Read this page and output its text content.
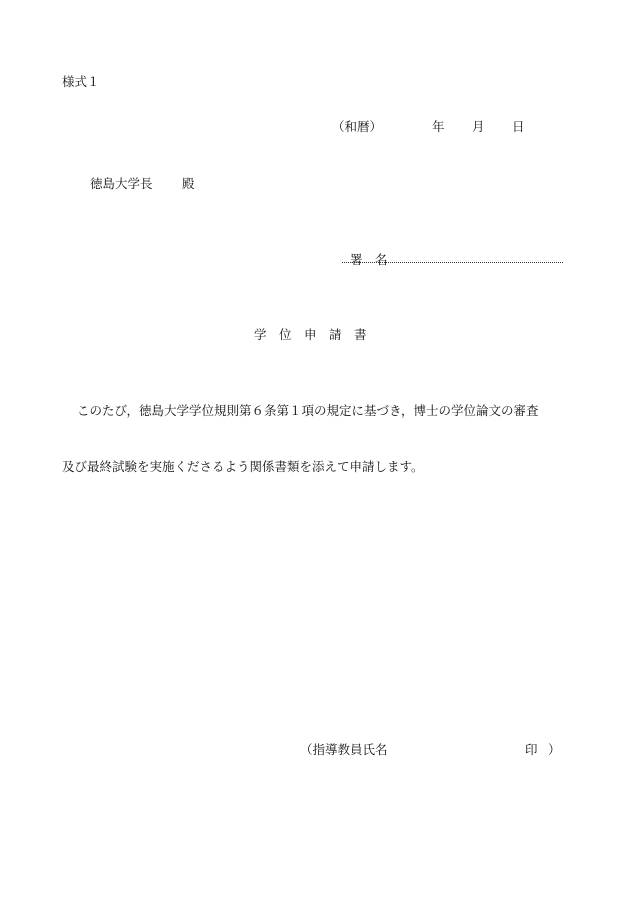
様式１
（和暦）	年 月 日
徳島大学長 殿
署　名
学　位　申　請　書
このたび，徳島大学学位規則第６条第１項の規定に基づき，博士の学位論文の審査
及び最終試験を実施くださるよう関係書類を添えて申請します。
（指導教員氏名	印 ）
